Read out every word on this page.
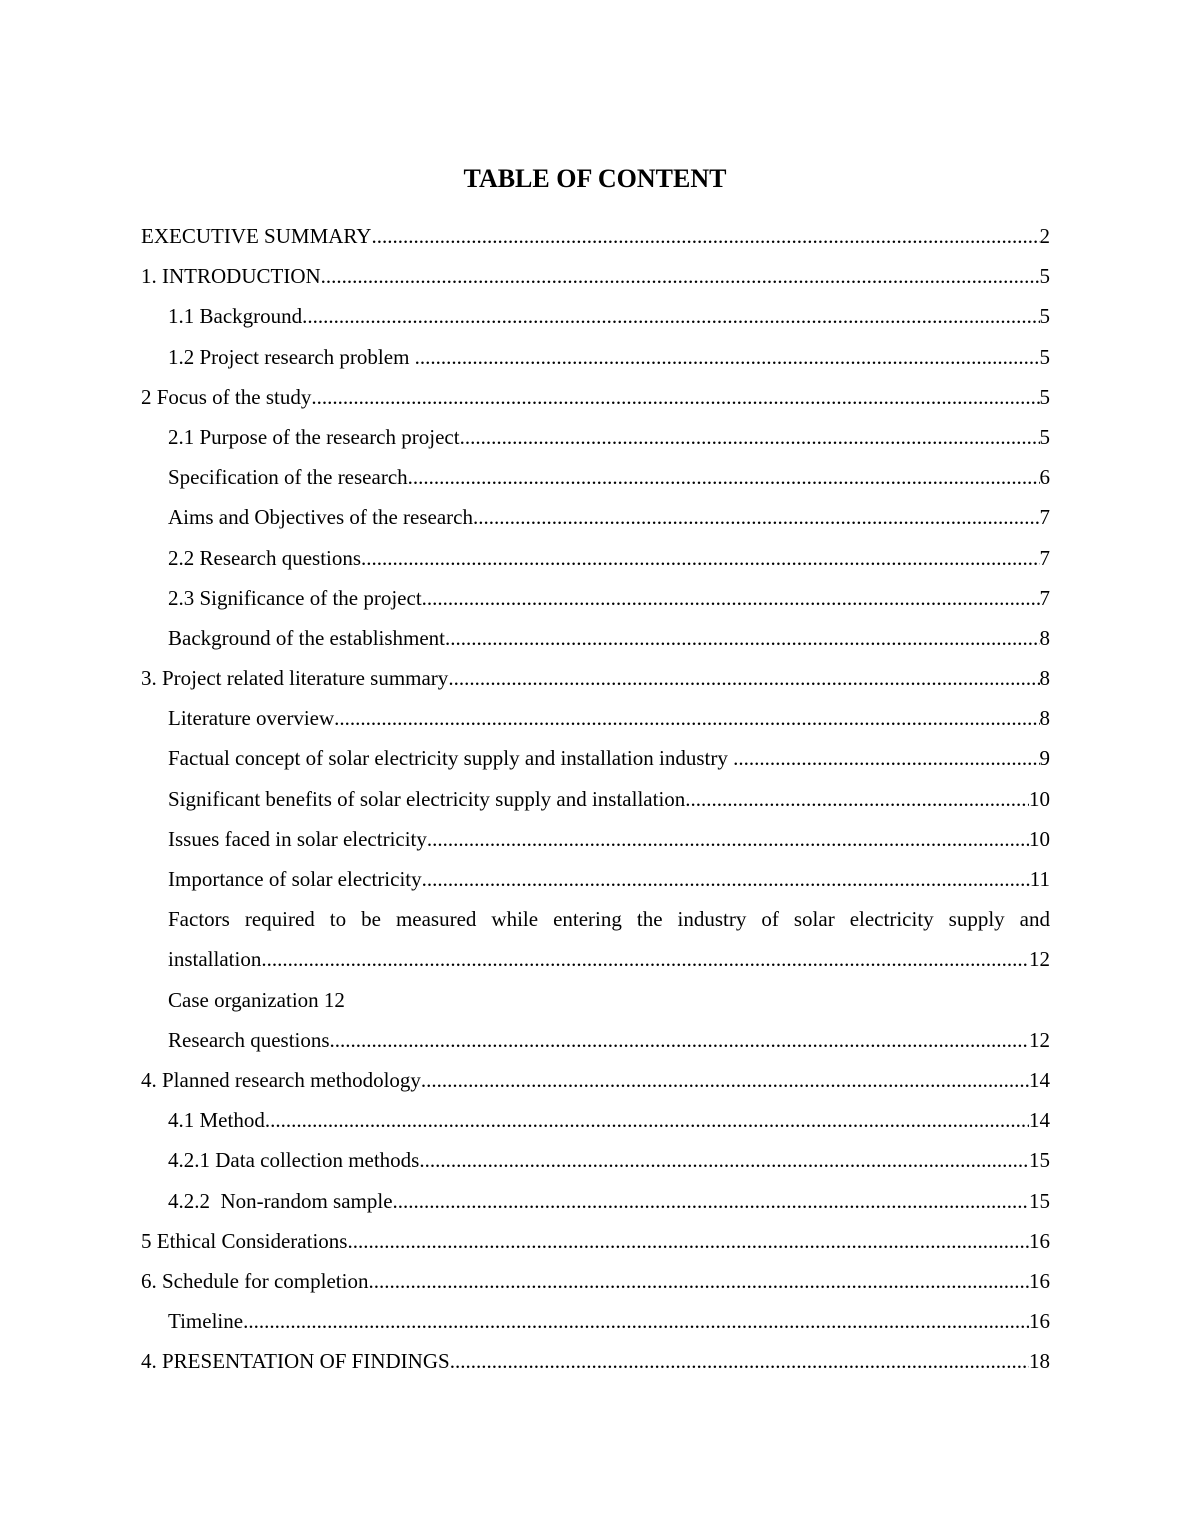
TABLE OF CONTENT
EXECUTIVE SUMMARY .....	2
1. INTRODUCTION .....	5
1.1 Background .....	5
1.2 Project research problem .....	5
2 Focus of the study .....	5
2.1 Purpose of the research project .....	5
Specification of the research .....	6
Aims and Objectives of the research .....	7
2.2 Research questions .....	7
2.3 Significance of the project .....	7
Background of the establishment .....	8
3. Project related literature summary .....	8
Literature overview .....	8
Factual concept of solar electricity supply and installation industry .....	9
Significant benefits of solar electricity supply and installation .....	10
Issues faced in solar electricity .....	10
Importance of solar electricity .....	11
Factors required to be measured while entering the industry of solar electricity supply and
installation .....	12
Case organization 12
Research questions .....	12
4. Planned research methodology .....	14
4.1 Method .....	14
4.2.1 Data collection methods .....	15
4.2.2  Non-random sample .....	15
5 Ethical Considerations .....	16
6. Schedule for completion .....	16
Timeline .....	16
4. PRESENTATION OF FINDINGS .....	18
